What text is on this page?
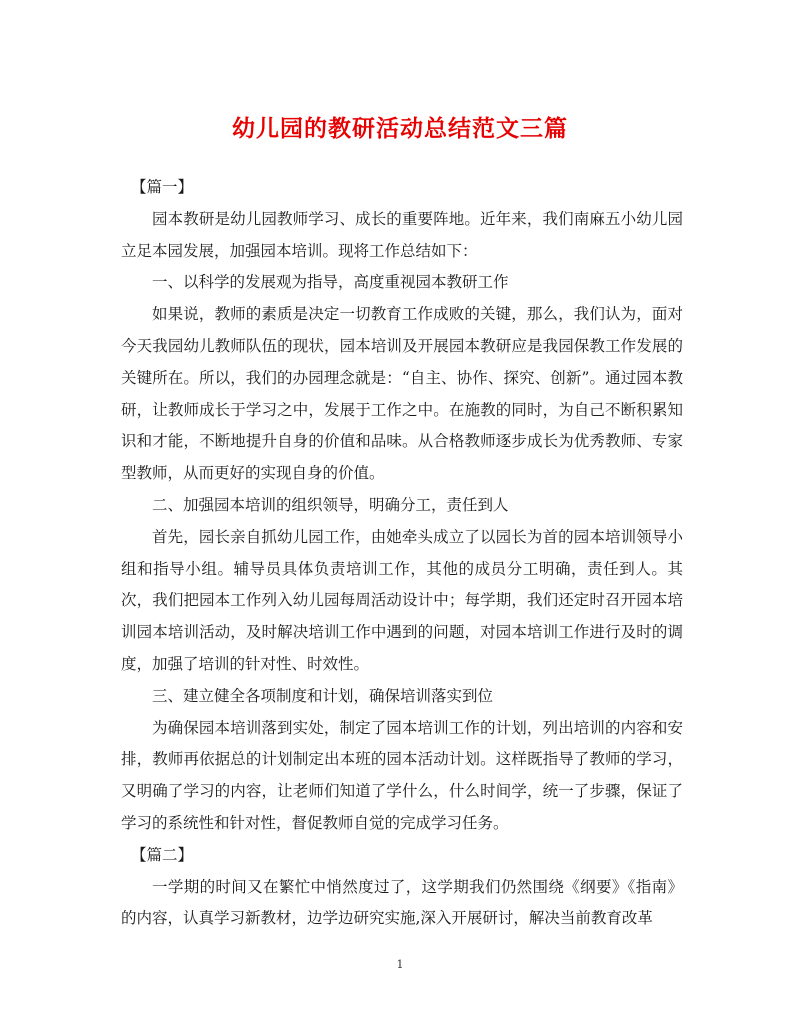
幼儿园的教研活动总结范文三篇

【篇一】

园本教研是幼儿园教师学习、成长的重要阵地。近年来，我们南麻五小幼儿园立足本园发展，加强园本培训。现将工作总结如下：

一、以科学的发展观为指导，高度重视园本教研工作

如果说，教师的素质是决定一切教育工作成败的关键，那么，我们认为，面对今天我园幼儿教师队伍的现状，园本培训及开展园本教研应是我园保教工作发展的关键所在。所以，我们的办园理念就是：“自主、协作、探究、创新”。通过园本教研，让教师成长于学习之中，发展于工作之中。在施教的同时，为自己不断积累知识和才能，不断地提升自身的价值和品味。从合格教师逐步成长为优秀教师、专家型教师，从而更好的实现自身的价值。

二、加强园本培训的组织领导，明确分工，责任到人

首先，园长亲自抓幼儿园工作，由她牵头成立了以园长为首的园本培训领导小组和指导小组。辅导员具体负责培训工作，其他的成员分工明确，责任到人。其次，我们把园本工作列入幼儿园每周活动设计中；每学期，我们还定时召开园本培训园本培训活动，及时解决培训工作中遇到的问题，对园本培训工作进行及时的调度，加强了培训的针对性、时效性。

三、建立健全各项制度和计划，确保培训落实到位

为确保园本培训落到实处，制定了园本培训工作的计划，列出培训的内容和安排，教师再依据总的计划制定出本班的园本活动计划。这样既指导了教师的学习，又明确了学习的内容，让老师们知道了学什么，什么时间学，统一了步骤，保证了学习的系统性和针对性，督促教师自觉的完成学习任务。

【篇二】

一学期的时间又在繁忙中悄然度过了，这学期我们仍然围绕《纲要》《指南》的内容，认真学习新教材，边学边研究实施,深入开展研讨，解决当前教育改革

1
